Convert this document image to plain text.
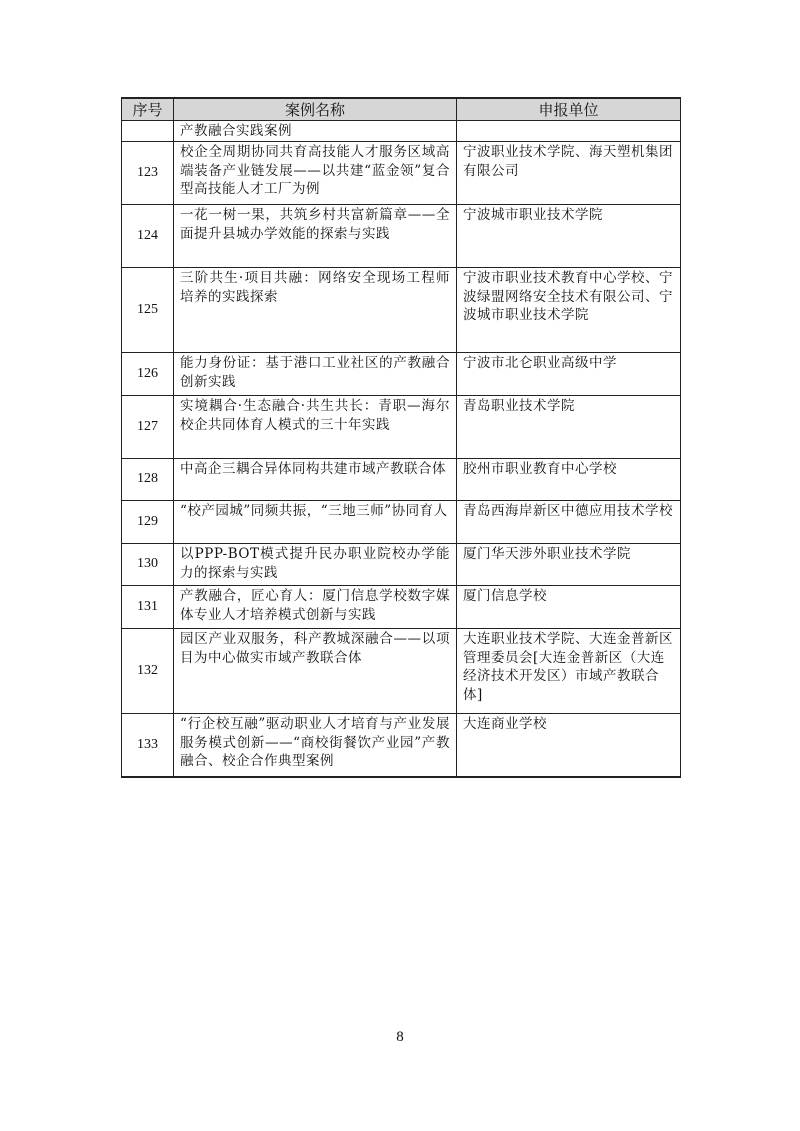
序号	案例名称	申报单位
	产教融合实践案例	
123	校企全周期协同共育高技能人才服务区域高端装备产业链发展——以共建“蓝金领”复合型高技能人才工厂为例	宁波职业技术学院、海天塑机集团有限公司
124	一花一树一果，共筑乡村共富新篇章——全面提升县城办学效能的探索与实践	宁波城市职业技术学院
125	三阶共生·项目共融：网络安全现场工程师培养的实践探索	宁波市职业技术教育中心学校、宁波绿盟网络安全技术有限公司、宁波城市职业技术学院
126	能力身份证：基于港口工业社区的产教融合创新实践	宁波市北仑职业高级中学
127	实境耦合·生态融合·共生共长：青职—海尔校企共同体育人模式的三十年实践	青岛职业技术学院
128	中高企三耦合异体同构共建市域产教联合体	胶州市职业教育中心学校
129	“校产园城”同频共振，“三地三师”协同育人	青岛西海岸新区中德应用技术学校
130	以PPP-BOT模式提升民办职业院校办学能力的探索与实践	厦门华天涉外职业技术学院
131	产教融合，匠心育人：厦门信息学校数字媒体专业人才培养模式创新与实践	厦门信息学校
132	园区产业双服务，科产教城深融合——以项目为中心做实市域产教联合体	大连职业技术学院、大连金普新区管理委员会[大连金普新区（大连经济技术开发区）市域产教联合体]
133	“行企校互融”驱动职业人才培育与产业发展服务模式创新——“商校街餐饮产业园”产教融合、校企合作典型案例	大连商业学校
8
